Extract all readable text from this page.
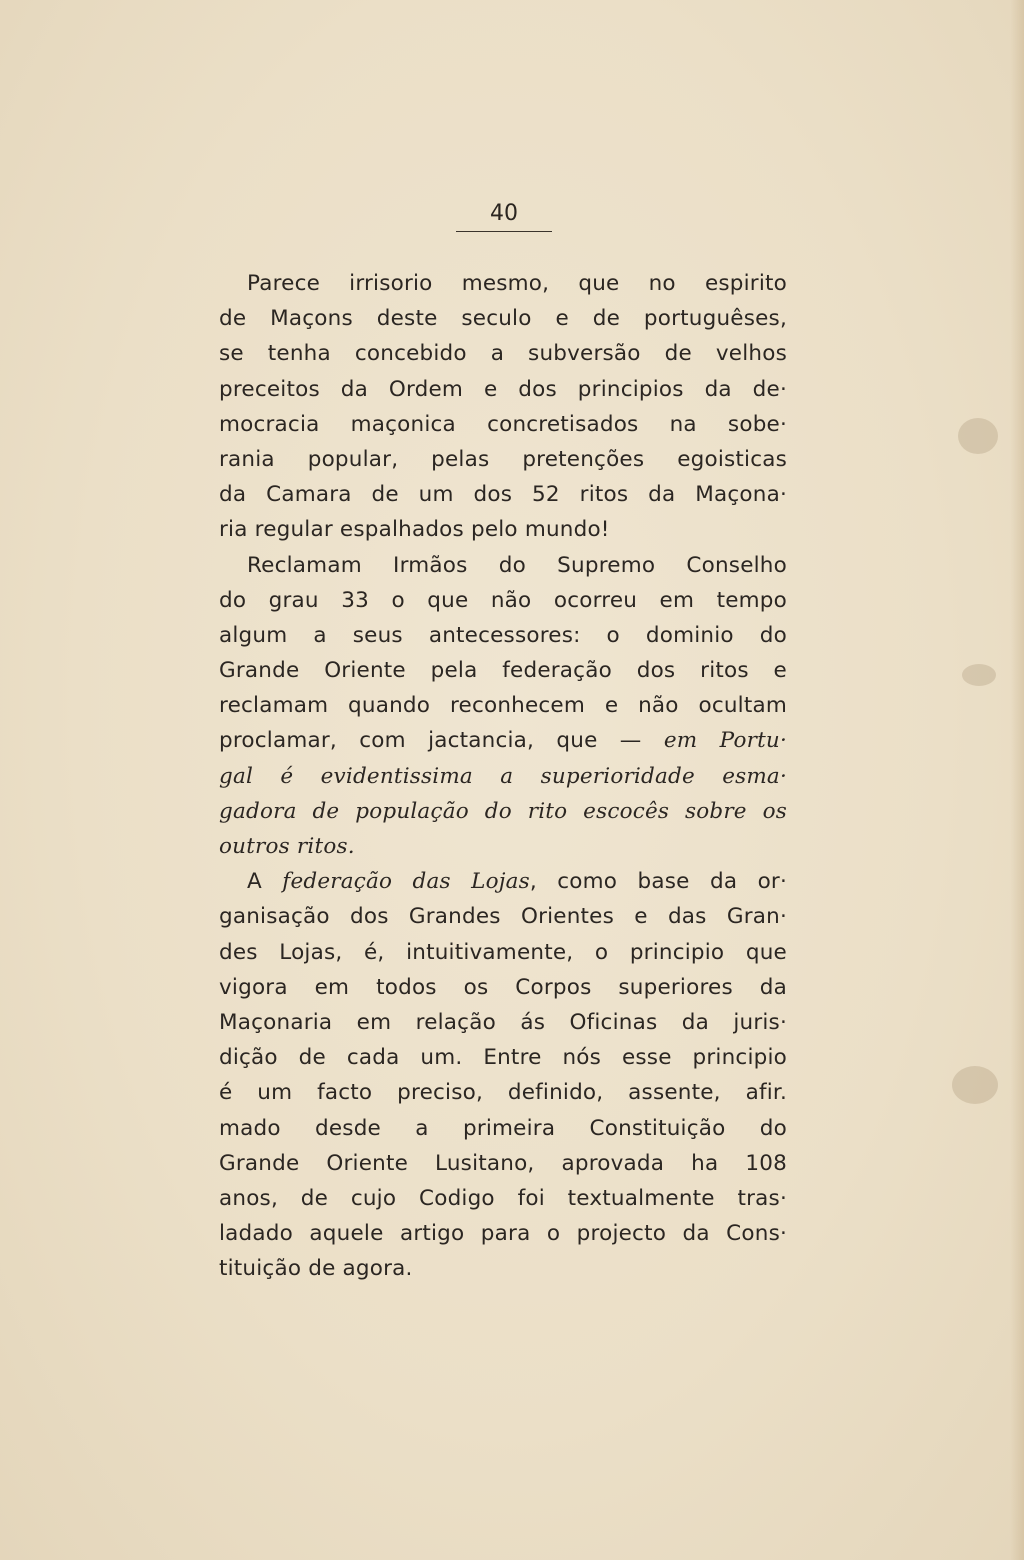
40
Parece irrisorio mesmo, que no espirito
de Maçons deste seculo e de portuguêses,
se tenha concebido a subversão de velhos
preceitos da Ordem e dos principios da de·
mocracia maçonica concretisados na sobe·
rania popular, pelas pretenções egoisticas
da Camara de um dos 52 ritos da Maçona·
ria regular espalhados pelo mundo!
Reclamam Irmãos do Supremo Conselho
do grau 33 o que não ocorreu em tempo
algum a seus antecessores: o dominio do
Grande Oriente pela federação dos ritos e
reclamam quando reconhecem e não ocultam
proclamar, com jactancia, que — em Portu·
gal é evidentissima a superioridade esma·
gadora de população do rito escocês sobre os
outros ritos.
A federação das Lojas, como base da or·
ganisação dos Grandes Orientes e das Gran·
des Lojas, é, intuitivamente, o principio que
vigora em todos os Corpos superiores da
Maçonaria em relação ás Oficinas da juris·
dição de cada um. Entre nós esse principio
é um facto preciso, definido, assente, afir.
mado desde a primeira Constituição do
Grande Oriente Lusitano, aprovada ha 108
anos, de cujo Codigo foi textualmente tras·
ladado aquele artigo para o projecto da Cons·
tituição de agora.
